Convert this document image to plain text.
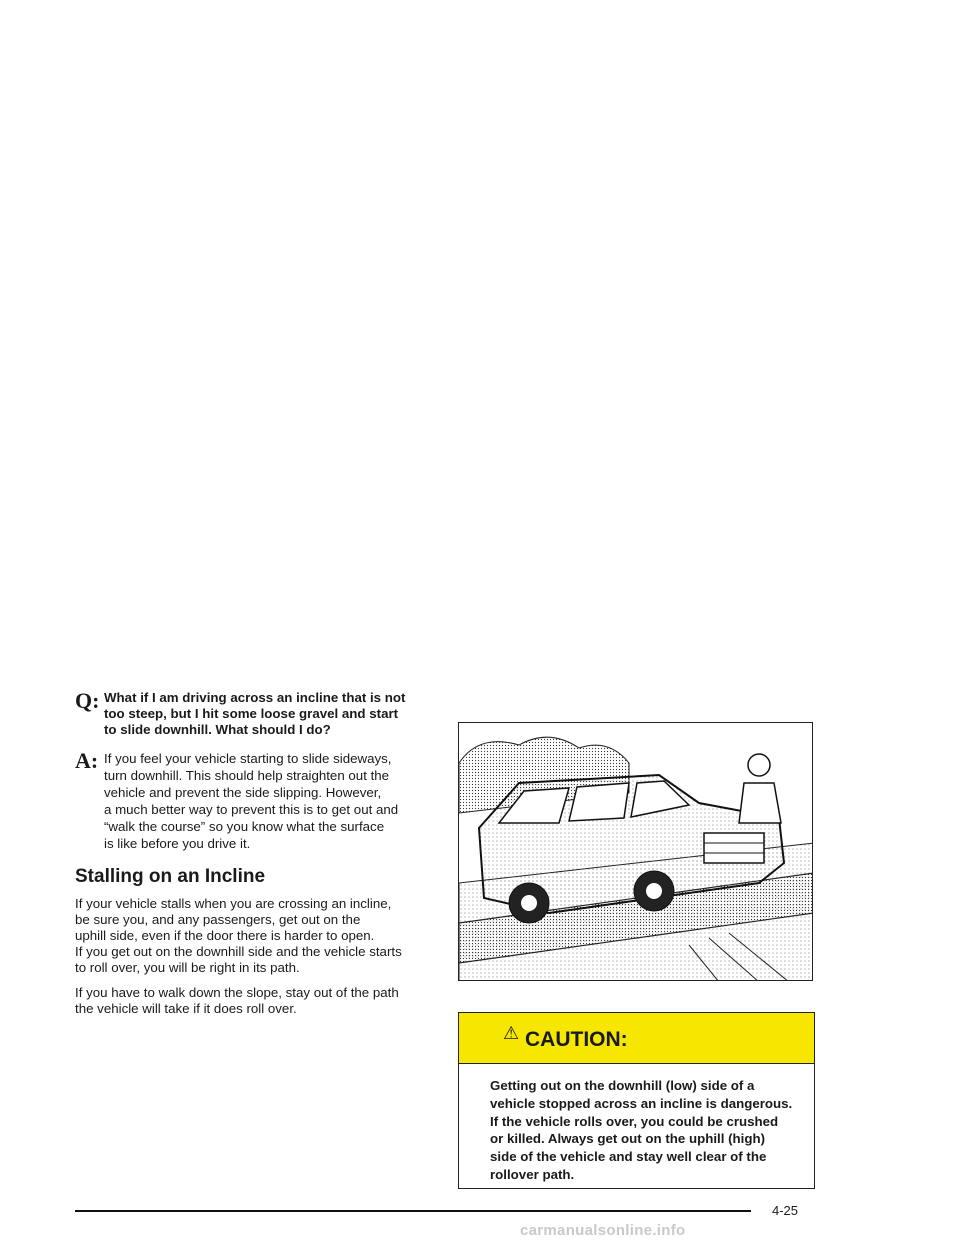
Q: What if I am driving across an incline that is not
too steep, but I hit some loose gravel and start
to slide downhill. What should I do?
A: If you feel your vehicle starting to slide sideways,
turn downhill. This should help straighten out the
vehicle and prevent the side slipping. However,
a much better way to prevent this is to get out and
“walk the course” so you know what the surface
is like before you drive it.
Stalling on an Incline

If your vehicle stalls when you are crossing an incline,
be sure you, and any passengers, get out on the
uphill side, even if the door there is harder to open.
If you get out on the downhill side and the vehicle starts
to roll over, you will be right in its path.

If you have to walk down the slope, stay out of the path
the vehicle will take if it does roll over.

⚠ CAUTION:
Getting out on the downhill (low) side of a
vehicle stopped across an incline is dangerous.
If the vehicle rolls over, you could be crushed
or killed. Always get out on the uphill (high)
side of the vehicle and stay well clear of the
rollover path.
4-25
carmanualsonline.info
